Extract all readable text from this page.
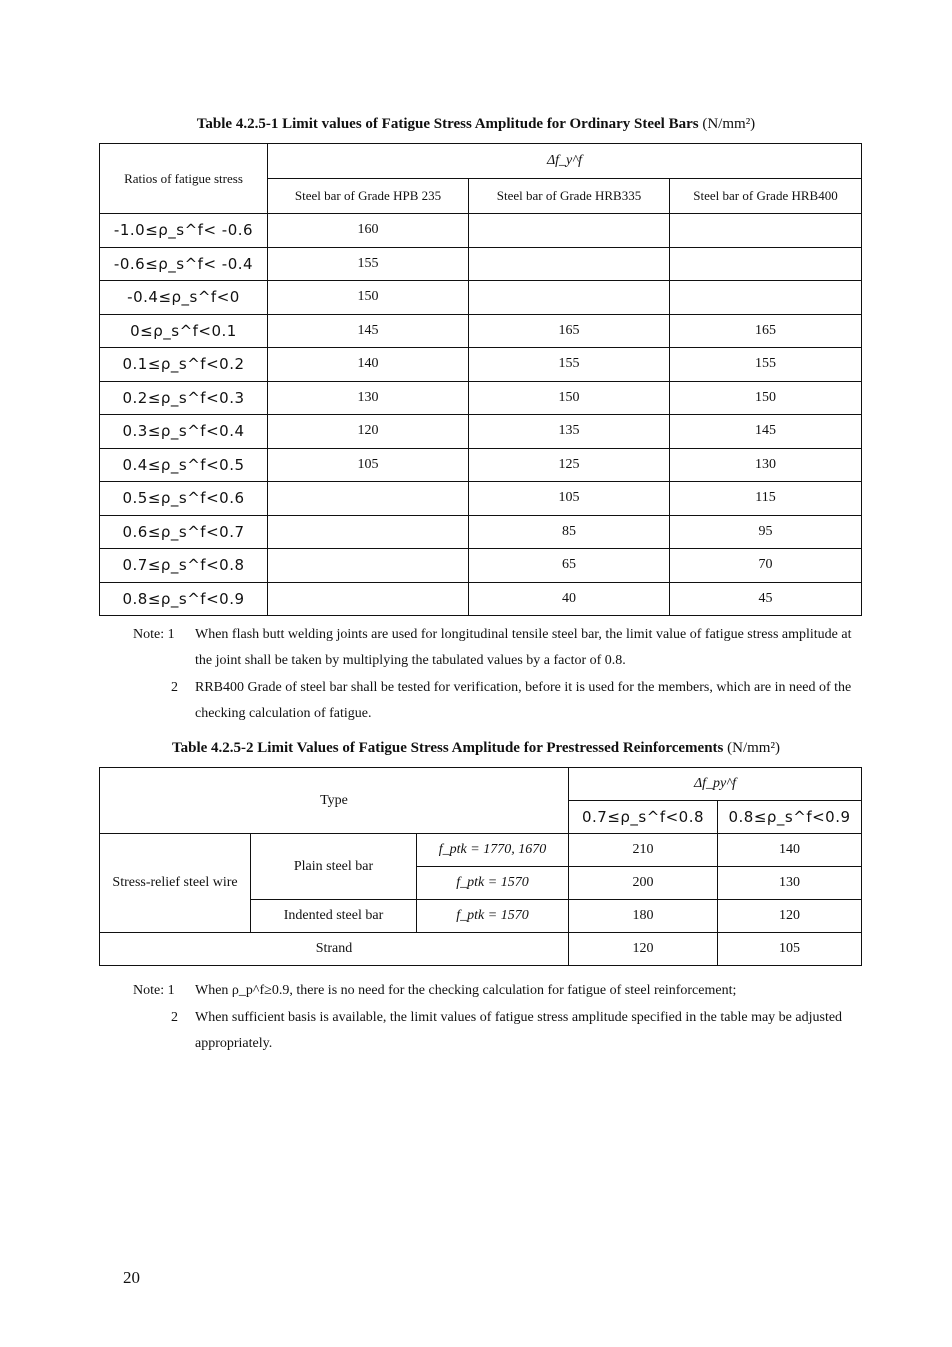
Table 4.2.5-1 Limit values of Fatigue Stress Amplitude for Ordinary Steel Bars (N/mm²)
Ratios of fatigue stress	Δf_y^f		
	Steel bar of Grade HPB 235	Steel bar of Grade HRB335	Steel bar of Grade HRB400
-1.0≤ρ_s^f< -0.6	160		
-0.6≤ρ_s^f< -0.4	155		
-0.4≤ρ_s^f<0	150		
0≤ρ_s^f<0.1	145	165	165
0.1≤ρ_s^f<0.2	140	155	155
0.2≤ρ_s^f<0.3	130	150	150
0.3≤ρ_s^f<0.4	120	135	145
0.4≤ρ_s^f<0.5	105	125	130
0.5≤ρ_s^f<0.6		105	115
0.6≤ρ_s^f<0.7		85	95
0.7≤ρ_s^f<0.8		65	70
0.8≤ρ_s^f<0.9		40	45
Note: 1	When flash butt welding joints are used for longitudinal tensile steel bar, the limit value of fatigue stress amplitude at the joint shall be taken by multiplying the tabulated values by a factor of 0.8.
2	RRB400 Grade of steel bar shall be tested for verification, before it is used for the members, which are in need of the checking calculation of fatigue.
Table 4.2.5-2 Limit Values of Fatigue Stress Amplitude for Prestressed Reinforcements (N/mm²)
Type			Δf_py^f	
			0.7≤ρ_s^f<0.8	0.8≤ρ_s^f<0.9
Stress-relief steel wire	Plain steel bar	f_ptk = 1770, 1670	210	140
		f_ptk = 1570	200	130
	Indented steel bar	f_ptk = 1570	180	120
Strand			120	105
Note: 1	When ρ_p^f≥0.9, there is no need for the checking calculation for fatigue of steel reinforcement;
2	When sufficient basis is available, the limit values of fatigue stress amplitude specified in the table may be adjusted appropriately.
20
